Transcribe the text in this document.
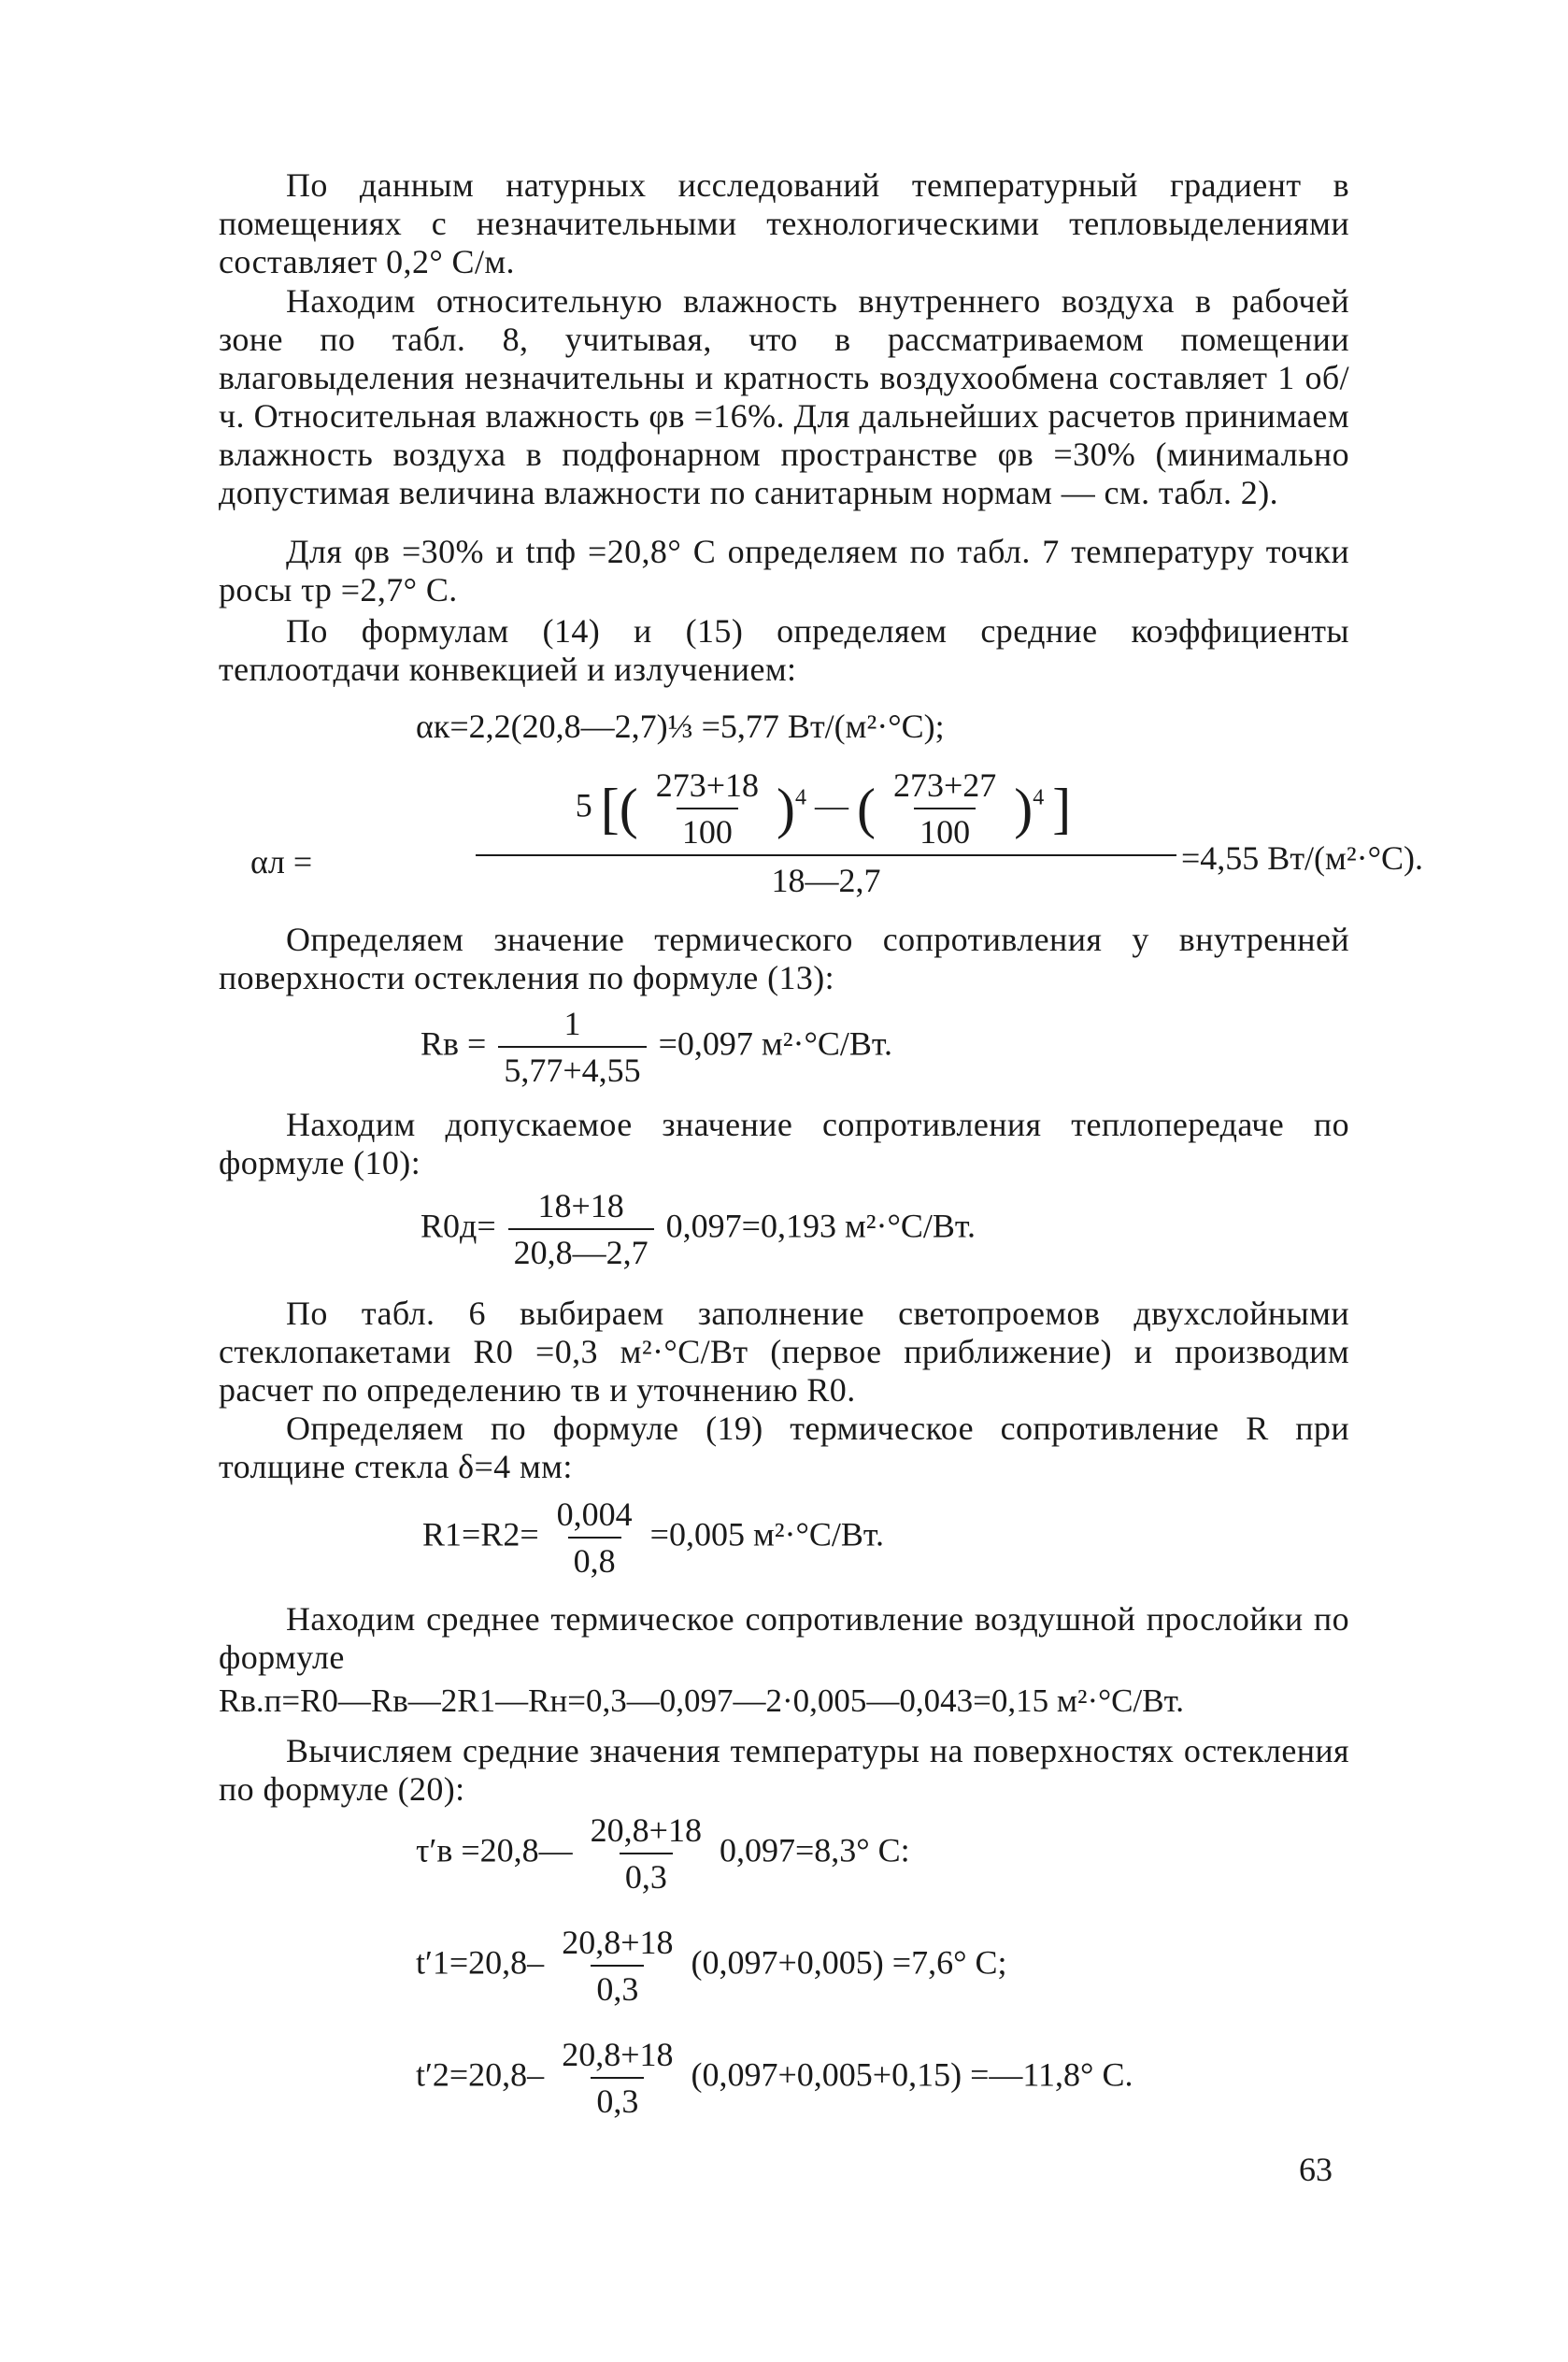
По данным натурных исследований температурный градиент в помещениях с незначительными технологическими тепловыделениями составляет 0,2° С/м.
Находим относительную влажность внутреннего воздуха в рабочей зоне по табл. 8, учитывая, что в рассматриваемом помещении влаговыделения незначительны и кратность воздухообмена составляет 1 об/ч. Относительная влажность φв =16%. Для дальнейших расчетов принимаем влажность воздуха в подфонарном пространстве φв =30% (минимально допустимая величина влажности по санитарным нормам — см. табл. 2).
Для φв =30% и tпф =20,8° С определяем по табл. 7 температуру точки росы τр =2,7° С.
По формулам (14) и (15) определяем средние коэффициенты теплоотдачи конвекцией и излучением:
αк=2,2(20,8—2,7)⅓ =5,77 Вт/(м²·°С);
αл =
5 [( $\frac{273+18}{100} )^4$ — ( $\frac{273+27}{100} )^4$ ]
18—2,7
=4,55 Вт/(м²·°С).
Определяем значение термического сопротивления у внутренней поверхности остекления по формуле (13):
Rв = $\frac{1}{5,77+4,55} =0,097$ м²·°С/Вт.
Находим допускаемое значение сопротивления теплопередаче по формуле (10):
$R0д= \frac{18+18}{20,8—2,7} 0,097=0,193$ м²·°С/Вт.
По табл. 6 выбираем заполнение светопроемов двухслойными стеклопакетами R0 =0,3 м²·°С/Вт (первое приближение) и производим расчет по определению τв и уточнению R0.
Определяем по формуле (19) термическое сопротивление R при толщине стекла δ=4 мм:
$R1=R2= \frac{0,004}{0,8} =0,005$ м²·°С/Вт.
Находим среднее термическое сопротивление воздушной прослойки по формуле
Rв.п=R0—Rв—2R1—Rн=0,3—0,097—2·0,005—0,043=0,15 м²·°С/Вт.
Вычисляем средние значения температуры на поверхностях остекления по формуле (20):
τ′в =20,8— $\frac{20,8+18}{0,3} 0,097=8,3^\circ$ С:
$t'1=20,8- \frac{20,8+18}{0,3} (0,097+0,005) =7,6^\circ$ С;
$t'2=20,8- \frac{20,8+18}{0,3} (0,097+0,005+0,15)$ =—11,8° С.
63
